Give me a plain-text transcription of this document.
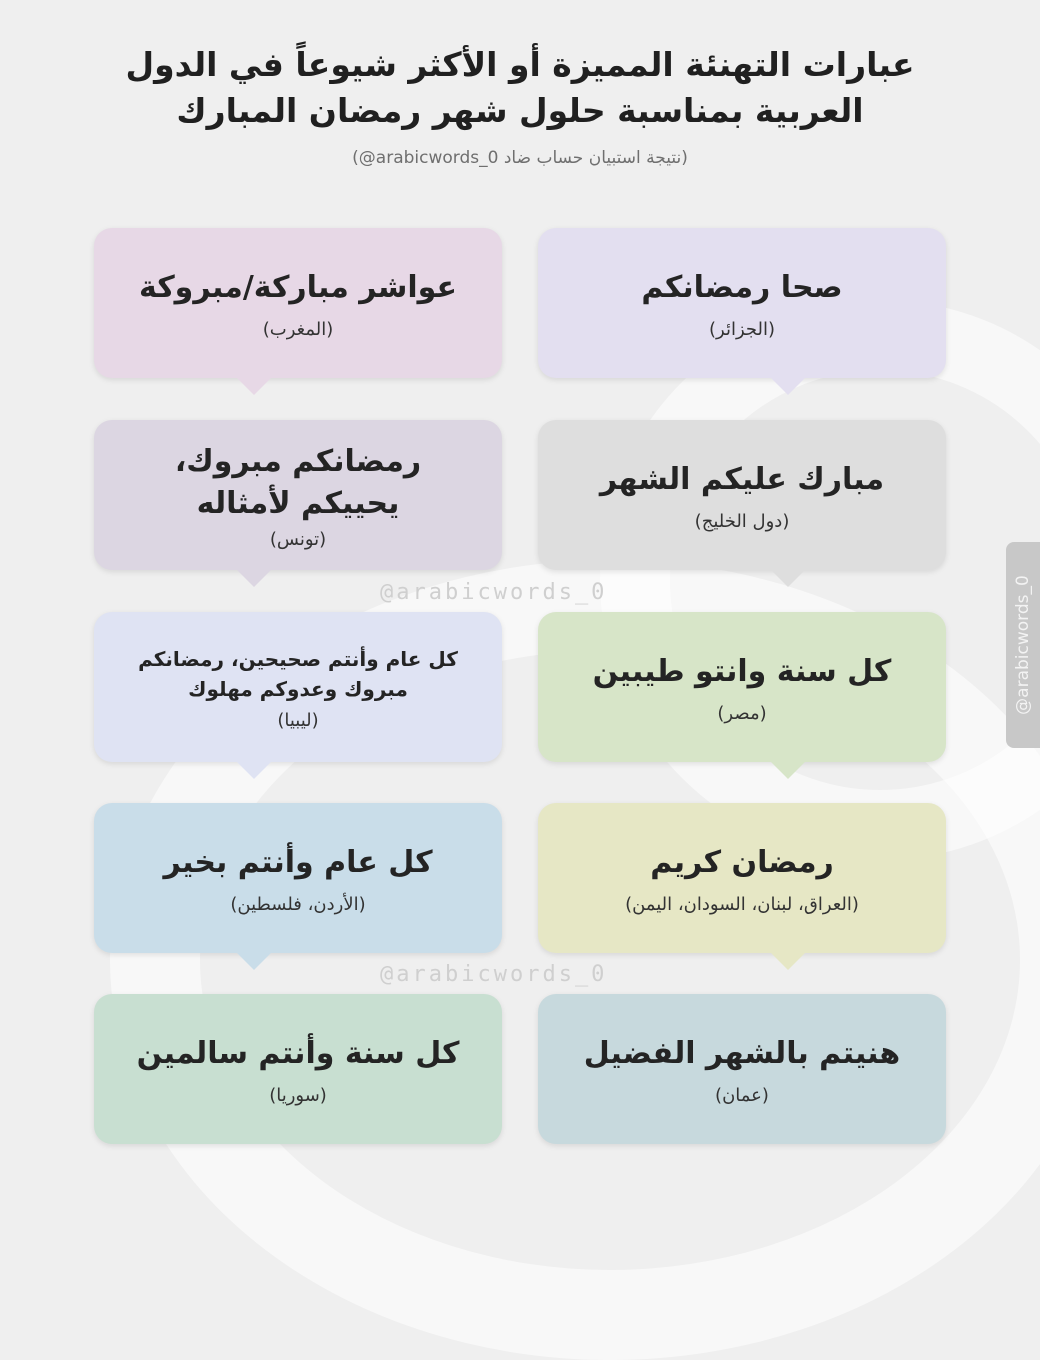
عبارات التهنئة المميزة أو الأكثر شيوعاً في الدول العربية بمناسبة حلول شهر رمضان المبارك
(نتيجة استبيان حساب ضاد arabicwords_0@)
صحا رمضانكم
(الجزائر)
عواشر مباركة/مبروكة
(المغرب)
مبارك عليكم الشهر
(دول الخليج)
رمضانكم مبروك، يحييكم لأمثاله
(تونس)
@arabicwords_0
كل سنة وانتو طيبين
(مصر)
كل عام وأنتم صحيحين، رمضانكم مبروك وعدوكم مهلوك
(ليبيا)
رمضان كريم
(العراق، لبنان، السودان، اليمن)
كل عام وأنتم بخير
(الأردن، فلسطين)
@arabicwords_0
هنيتم بالشهر الفضيل
(عمان)
كل سنة وأنتم سالمين
(سوريا)
@arabicwords_0
